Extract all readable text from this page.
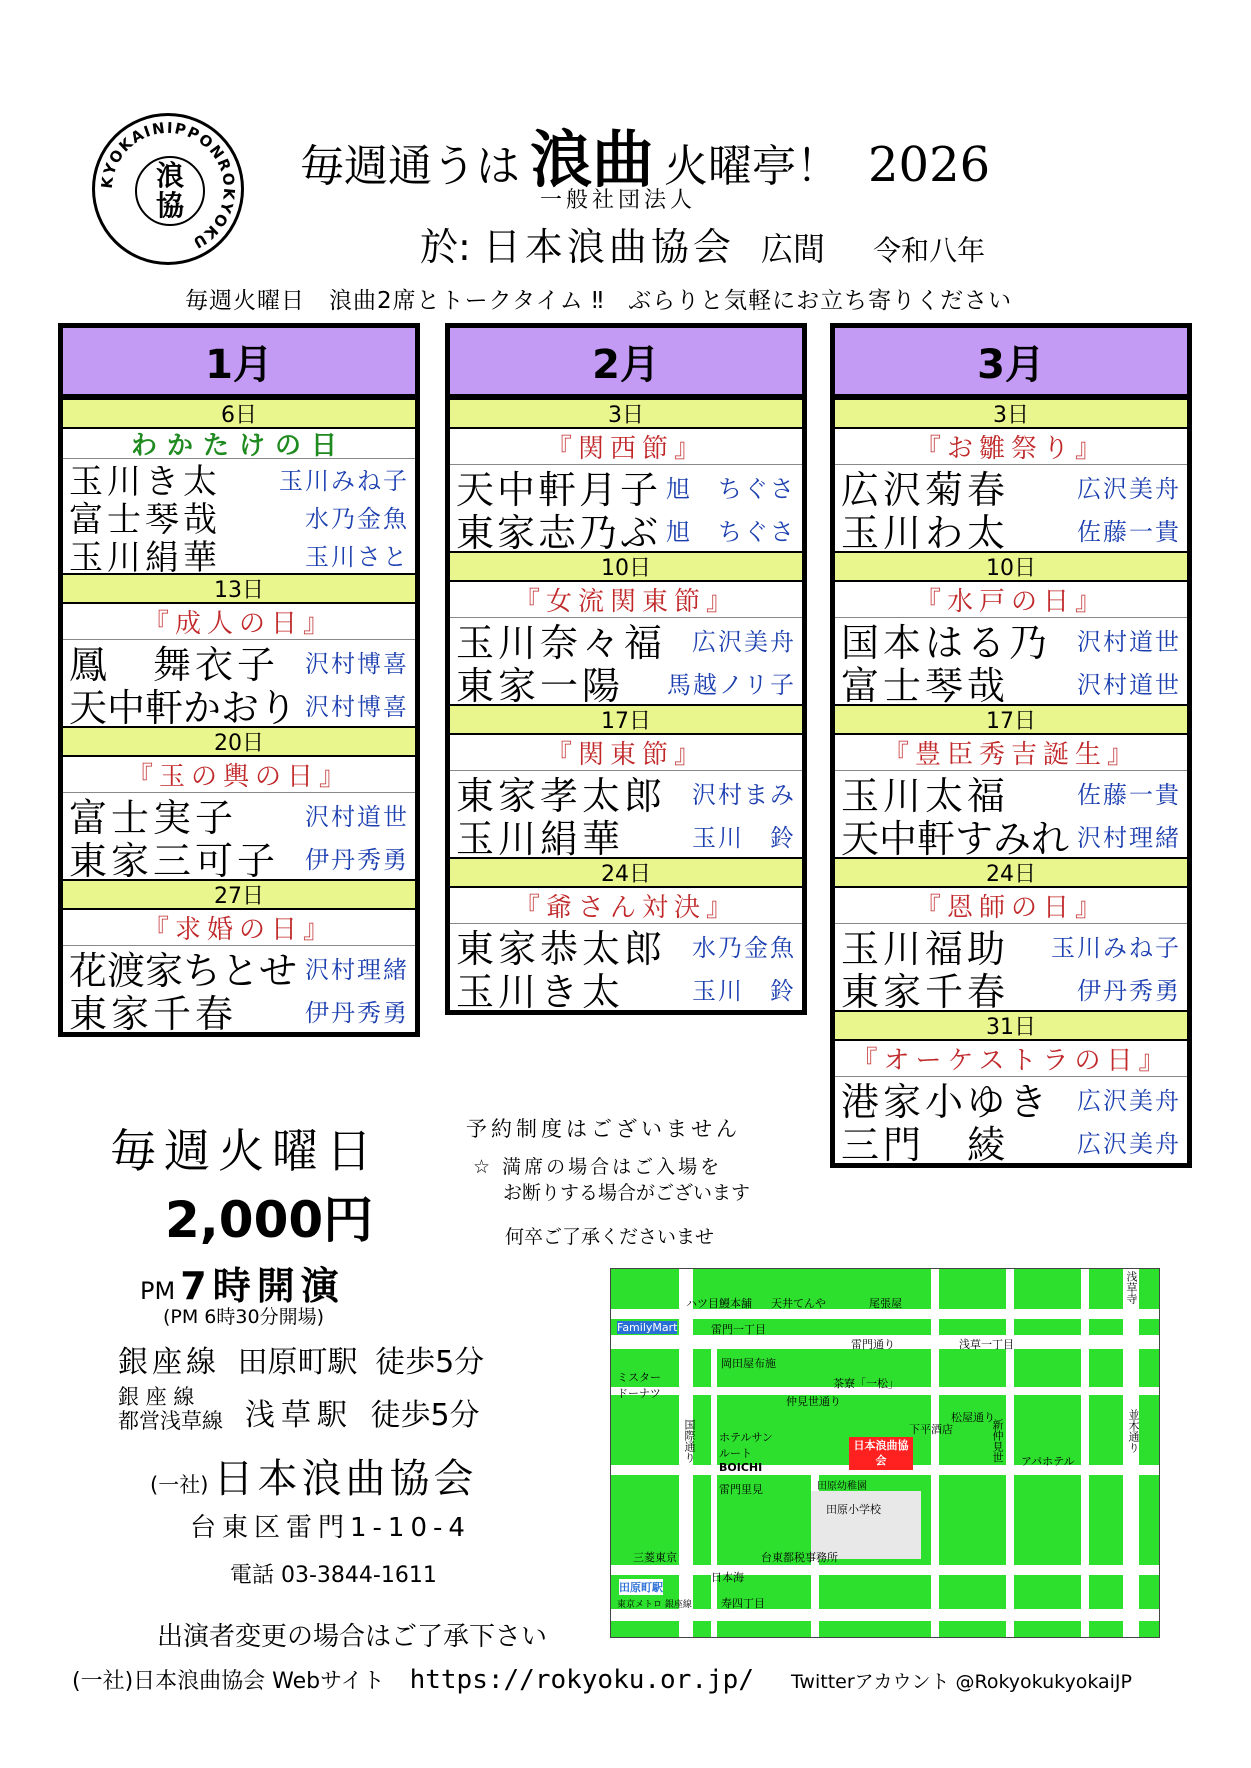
KYOKAINIPPONROKYOKU
浪
協
毎週通うは 浪曲 火曜亭！ 2026
一般社団法人
於: 日本浪曲協会 広間 令和八年
毎週火曜日　浪曲2席とトークタイム ‼　ぶらりと気軽にお立ち寄りください
1月
6日
わかたけの日
玉川き太 玉川みね子
富士琴哉	水乃金魚
玉川絹華	玉川さと
13日
『成人の日』
鳳　舞衣子 沢村博喜
天中軒かおり 沢村博喜
20日
『玉の輿の日』
富士実子	沢村道世
東家三可子 伊丹秀勇
27日
『求婚の日』
花渡家ちとせ 沢村理緒
東家千春	伊丹秀勇
2月
3日
『関西節』
天中軒月子 旭　ちぐさ
東家志乃ぶ 旭　ちぐさ
10日
『女流関東節』
玉川奈々福 広沢美舟
東家一陽 馬越ノリ子
17日
『関東節』
東家孝太郎 沢村まみ
玉川絹華	玉川　鈴
24日
『爺さん対決』
東家恭太郎 水乃金魚
玉川き太	玉川　鈴
3月
3日
『お雛祭り』
広沢菊春	広沢美舟
玉川わ太	佐藤一貴
10日
『水戸の日』
国本はる乃 沢村道世
富士琴哉	沢村道世
17日
『豊臣秀吉誕生』
玉川太福	佐藤一貴
天中軒すみれ 沢村理緒
24日
『恩師の日』
玉川福助 玉川みね子
東家千春	伊丹秀勇
31日
『オーケストラの日』
港家小ゆき 広沢美舟
三門　綾	広沢美舟
毎週火曜日
2,000円
PM 7時開演
(PM 6時30分開場)
銀座線 田原町駅 徒歩5分
銀 座 線
都営浅草線 浅草駅 徒歩5分
(一社) 日本浪曲協会
台東区雷門1-10-4
電話 03-3844-1611
出演者変更の場合はご了承下さい
予約制度はございません
☆ 満席の場合はご入場を
お断りする場合がございます
何卒ご了承くださいませ
ハツ目鰻本舗 天井てんや	尾張屋
FamilyMart	雷門一丁目
雷門通り	浅草一丁目
岡田屋布施
ミスタードーナツ
茶寮「一松」
仲見世通り
松屋通り
下平酒店
ホテルサンルート
BOICHI	アパホテル
田原幼稚園
雷門里見
田原小学校
三菱東京	台東都税事務所
日本海
田原町駅
東京メトロ 銀座線	寿四丁目
国際通り	新仲見世	並木通り
浅草寺
日本浪曲協会
(一社)日本浪曲協会 Webサイト https://rokyoku.or.jp/ Twitterアカウント @RokyokukyokaiJP
